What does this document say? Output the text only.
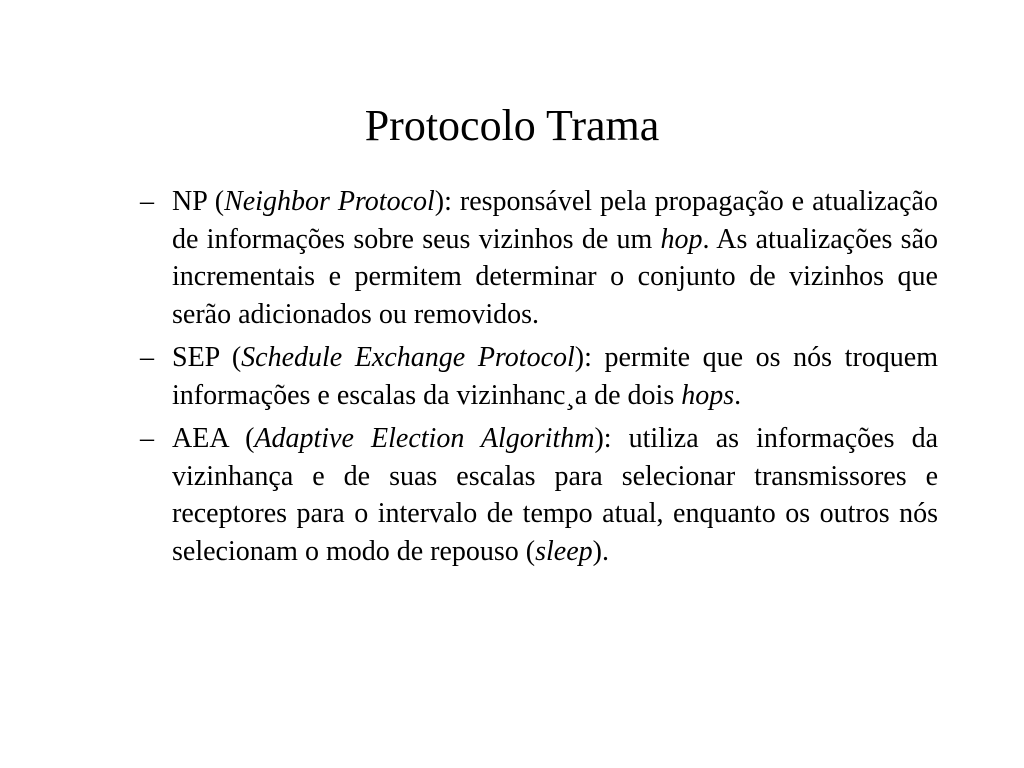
Protocolo Trama
– NP (Neighbor Protocol): responsável pela propagação e atualização de informações sobre seus vizinhos de um hop. As atualizações são incrementais e permitem determinar o conjunto de vizinhos que serão adicionados ou removidos.
– SEP (Schedule Exchange Protocol): permite que os nós troquem informações e escalas da vizinhanc¸a de dois hops.
– AEA (Adaptive Election Algorithm): utiliza as informações da vizinhança e de suas escalas para selecionar transmissores e receptores para o intervalo de tempo atual, enquanto os outros nós selecionam o modo de repouso (sleep).
